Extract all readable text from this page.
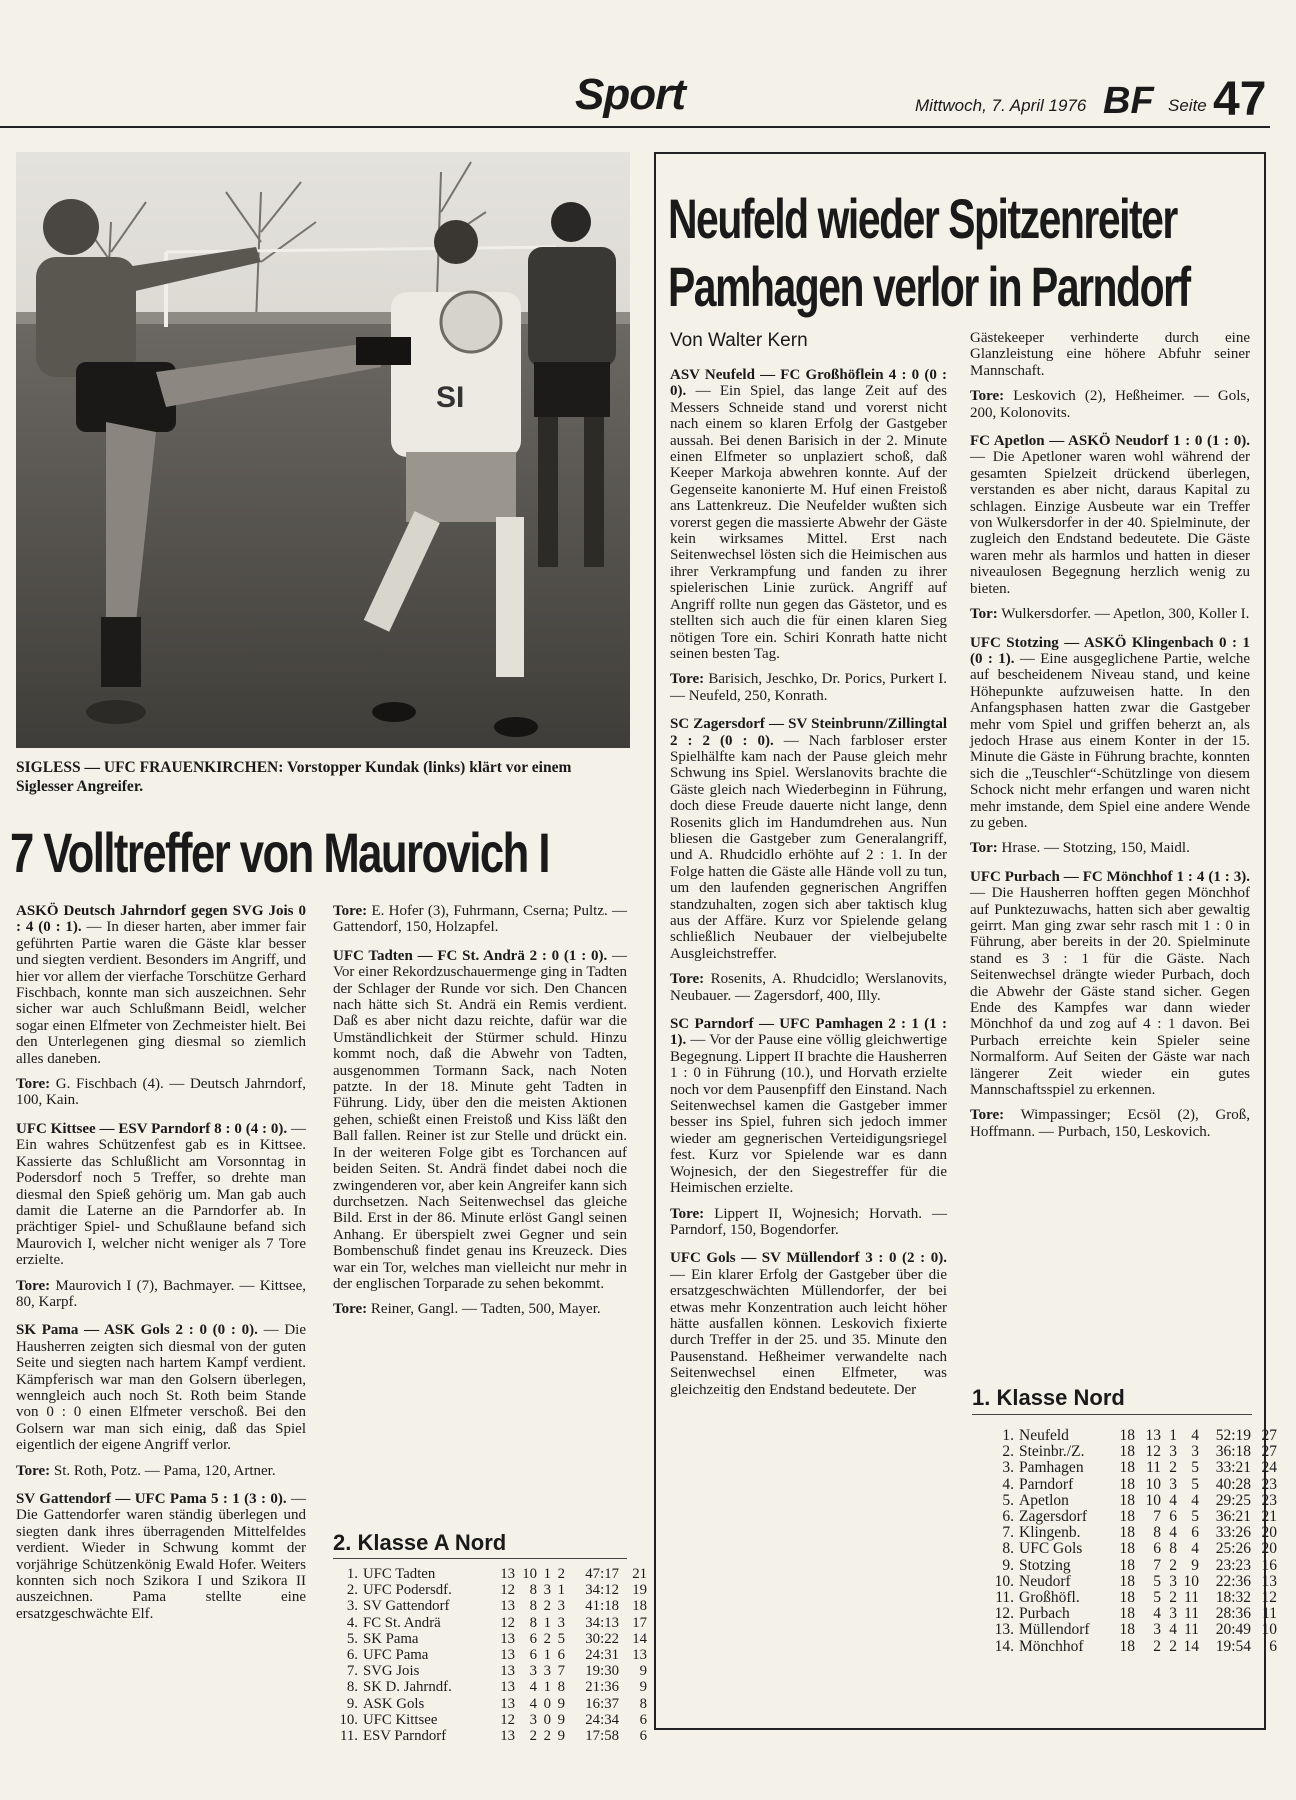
Sport	Mittwoch, 7. April 1976 BF Seite 47
SI
SIGLESS — UFC FRAUENKIRCHEN: Vorstopper Kundak (links) klärt vor einem Siglesser Angreifer.
7 Volltreffer von Maurovich I

ASKÖ Deutsch Jahrndorf gegen SVG Jois 0 : 4 (0 : 1). — In dieser harten, aber immer fair geführten Partie waren die Gäste klar besser und siegten verdient. Besonders im Angriff, und hier vor allem der vierfache Torschütze Gerhard Fischbach, konnte man sich auszeichnen. Sehr sicher war auch Schlußmann Beidl, welcher sogar einen Elfmeter von Zechmeister hielt. Bei den Unterlegenen ging diesmal so ziemlich alles daneben.

Tore: G. Fischbach (4). — Deutsch Jahrndorf, 100, Kain.

UFC Kittsee — ESV Parndorf 8 : 0 (4 : 0). — Ein wahres Schützenfest gab es in Kittsee. Kassierte das Schlußlicht am Vorsonntag in Podersdorf noch 5 Treffer, so drehte man diesmal den Spieß gehörig um. Man gab auch damit die Laterne an die Parndorfer ab. In prächtiger Spiel- und Schußlaune befand sich Maurovich I, welcher nicht weniger als 7 Tore erzielte.

Tore: Maurovich I (7), Bachmayer. — Kittsee, 80, Karpf.

SK Pama — ASK Gols 2 : 0 (0 : 0). — Die Hausherren zeigten sich diesmal von der guten Seite und siegten nach hartem Kampf verdient. Kämpferisch war man den Golsern überlegen, wenngleich auch noch St. Roth beim Stande von 0 : 0 einen Elfmeter verschoß. Bei den Golsern war man sich einig, daß das Spiel eigentlich der eigene Angriff verlor.

Tore: St. Roth, Potz. — Pama, 120, Artner.

SV Gattendorf — UFC Pama 5 : 1 (3 : 0). — Die Gattendorfer waren ständig überlegen und siegten dank ihres überragenden Mittelfeldes verdient. Wieder in Schwung kommt der vorjährige Schützenkönig Ewald Hofer. Weiters konnten sich noch Szikora I und Szikora II auszeichnen. Pama stellte eine ersatzgeschwächte Elf.

Tore: E. Hofer (3), Fuhrmann, Cserna; Pultz. — Gattendorf, 150, Holzapfel.

UFC Tadten — FC St. Andrä 2 : 0 (1 : 0). — Vor einer Rekordzuschauermenge ging in Tadten der Schlager der Runde vor sich. Den Chancen nach hätte sich St. Andrä ein Remis verdient. Daß es aber nicht dazu reichte, dafür war die Umständlichkeit der Stürmer schuld. Hinzu kommt noch, daß die Abwehr von Tadten, ausgenommen Tormann Sack, nach Noten patzte. In der 18. Minute geht Tadten in Führung. Lidy, über den die meisten Aktionen gehen, schießt einen Freistoß und Kiss läßt den Ball fallen. Reiner ist zur Stelle und drückt ein. In der weiteren Folge gibt es Torchancen auf beiden Seiten. St. Andrä findet dabei noch die zwingenderen vor, aber kein Angreifer kann sich durchsetzen. Nach Seitenwechsel das gleiche Bild. Erst in der 86. Minute erlöst Gangl seinen Anhang. Er überspielt zwei Gegner und sein Bombenschuß findet genau ins Kreuzeck. Dies war ein Tor, welches man vielleicht nur mehr in der englischen Torparade zu sehen bekommt.

Tore: Reiner, Gangl. — Tadten, 500, Mayer.

2. Klasse A Nord
1.	UFC Tadten	13	10	1	2	47:17	21
2.	UFC Podersdf.	12	8	3	1	34:12	19
3.	SV Gattendorf	13	8	2	3	41:18	18
4.	FC St. Andrä	12	8	1	3	34:13	17
5.	SK Pama	13	6	2	5	30:22	14
6.	UFC Pama	13	6	1	6	24:31	13
7.	SVG Jois	13	3	3	7	19:30	9
8.	SK D. Jahrndf.	13	4	1	8	21:36	9
9.	ASK Gols	13	4	0	9	16:37	8
10.	UFC Kittsee	12	3	0	9	24:34	6
11.	ESV Parndorf	13	2	2	9	17:58	6
Neufeld wieder Spitzenreiter
Pamhagen verlor in Parndorf
Von Walter Kern

ASV Neufeld — FC Großhöflein 4 : 0 (0 : 0). — Ein Spiel, das lange Zeit auf des Messers Schneide stand und vorerst nicht nach einem so klaren Erfolg der Gastgeber aussah. Bei denen Barisich in der 2. Minute einen Elfmeter so unplaziert schoß, daß Keeper Markoja abwehren konnte. Auf der Gegenseite kanonierte M. Huf einen Freistoß ans Lattenkreuz. Die Neufelder wußten sich vorerst gegen die massierte Abwehr der Gäste kein wirksames Mittel. Erst nach Seitenwechsel lösten sich die Heimischen aus ihrer Verkrampfung und fanden zu ihrer spielerischen Linie zurück. Angriff auf Angriff rollte nun gegen das Gästetor, und es stellten sich auch die für einen klaren Sieg nötigen Tore ein. Schiri Konrath hatte nicht seinen besten Tag.

Tore: Barisich, Jeschko, Dr. Porics, Purkert I. — Neufeld, 250, Konrath.

SC Zagersdorf — SV Steinbrunn/Zillingtal 2 : 2 (0 : 0). — Nach farbloser erster Spielhälfte kam nach der Pause gleich mehr Schwung ins Spiel. Werslanovits brachte die Gäste gleich nach Wiederbeginn in Führung, doch diese Freude dauerte nicht lange, denn Rosenits glich im Handumdrehen aus. Nun bliesen die Gastgeber zum Generalangriff, und A. Rhudcidlo erhöhte auf 2 : 1. In der Folge hatten die Gäste alle Hände voll zu tun, um den laufenden gegnerischen Angriffen standzuhalten, zogen sich aber taktisch klug aus der Affäre. Kurz vor Spielende gelang schließlich Neubauer der vielbejubelte Ausgleichstreffer.

Tore: Rosenits, A. Rhudcidlo; Werslanovits, Neubauer. — Zagersdorf, 400, Illy.

SC Parndorf — UFC Pamhagen 2 : 1 (1 : 1). — Vor der Pause eine völlig gleichwertige Begegnung. Lippert II brachte die Hausherren 1 : 0 in Führung (10.), und Horvath erzielte noch vor dem Pausenpfiff den Einstand. Nach Seitenwechsel kamen die Gastgeber immer besser ins Spiel, fuhren sich jedoch immer wieder am gegnerischen Verteidigungsriegel fest. Kurz vor Spielende war es dann Wojnesich, der den Siegestreffer für die Heimischen erzielte.

Tore: Lippert II, Wojnesich; Horvath. — Parndorf, 150, Bogendorfer.

UFC Gols — SV Müllendorf 3 : 0 (2 : 0). — Ein klarer Erfolg der Gastgeber über die ersatzgeschwächten Müllendorfer, der bei etwas mehr Konzentration auch leicht höher hätte ausfallen können. Leskovich fixierte durch Treffer in der 25. und 35. Minute den Pausenstand. Heßheimer verwandelte nach Seitenwechsel einen Elfmeter, was gleichzeitig den Endstand bedeutete. Der

Gästekeeper verhinderte durch eine Glanzleistung eine höhere Abfuhr seiner Mannschaft.

Tore: Leskovich (2), Heßheimer. — Gols, 200, Kolonovits.

FC Apetlon — ASKÖ Neudorf 1 : 0 (1 : 0). — Die Apetloner waren wohl während der gesamten Spielzeit drückend überlegen, verstanden es aber nicht, daraus Kapital zu schlagen. Einzige Ausbeute war ein Treffer von Wulkersdorfer in der 40. Spielminute, der zugleich den Endstand bedeutete. Die Gäste waren mehr als harmlos und hatten in dieser niveaulosen Begegnung herzlich wenig zu bieten.

Tor: Wulkersdorfer. — Apetlon, 300, Koller I.

UFC Stotzing — ASKÖ Klingenbach 0 : 1 (0 : 1). — Eine ausgeglichene Partie, welche auf bescheidenem Niveau stand, und keine Höhepunkte aufzuweisen hatte. In den Anfangsphasen hatten zwar die Gastgeber mehr vom Spiel und griffen beherzt an, als jedoch Hrase aus einem Konter in der 15. Minute die Gäste in Führung brachte, konnten sich die „Teuschler“-Schützlinge von diesem Schock nicht mehr erfangen und waren nicht mehr imstande, dem Spiel eine andere Wende zu geben.

Tor: Hrase. — Stotzing, 150, Maidl.

UFC Purbach — FC Mönchhof 1 : 4 (1 : 3). — Die Hausherren hofften gegen Mönchhof auf Punktezuwachs, hatten sich aber gewaltig geirrt. Man ging zwar sehr rasch mit 1 : 0 in Führung, aber bereits in der 20. Spielminute stand es 3 : 1 für die Gäste. Nach Seitenwechsel drängte wieder Purbach, doch die Abwehr der Gäste stand sicher. Gegen Ende des Kampfes war dann wieder Mönchhof da und zog auf 4 : 1 davon. Bei Purbach erreichte kein Spieler seine Normalform. Auf Seiten der Gäste war nach längerer Zeit wieder ein gutes Mannschaftsspiel zu erkennen.

Tore: Wimpassinger; Ecsöl (2), Groß, Hoffmann. — Purbach, 150, Leskovich.

1. Klasse Nord
1.	Neufeld	18	13	1	4	52:19	27
2.	Steinbr./Z.	18	12	3	3	36:18	27
3.	Pamhagen	18	11	2	5	33:21	24
4.	Parndorf	18	10	3	5	40:28	23
5.	Apetlon	18	10	4	4	29:25	23
6.	Zagersdorf	18	7	6	5	36:21	21
7.	Klingenb.	18	8	4	6	33:26	20
8.	UFC Gols	18	6	8	4	25:26	20
9.	Stotzing	18	7	2	9	23:23	16
10.	Neudorf	18	5	3	10	22:36	13
11.	Großhöfl.	18	5	2	11	18:32	12
12.	Purbach	18	4	3	11	28:36	11
13.	Müllendorf	18	3	4	11	20:49	10
14.	Mönchhof	18	2	2	14	19:54	6
